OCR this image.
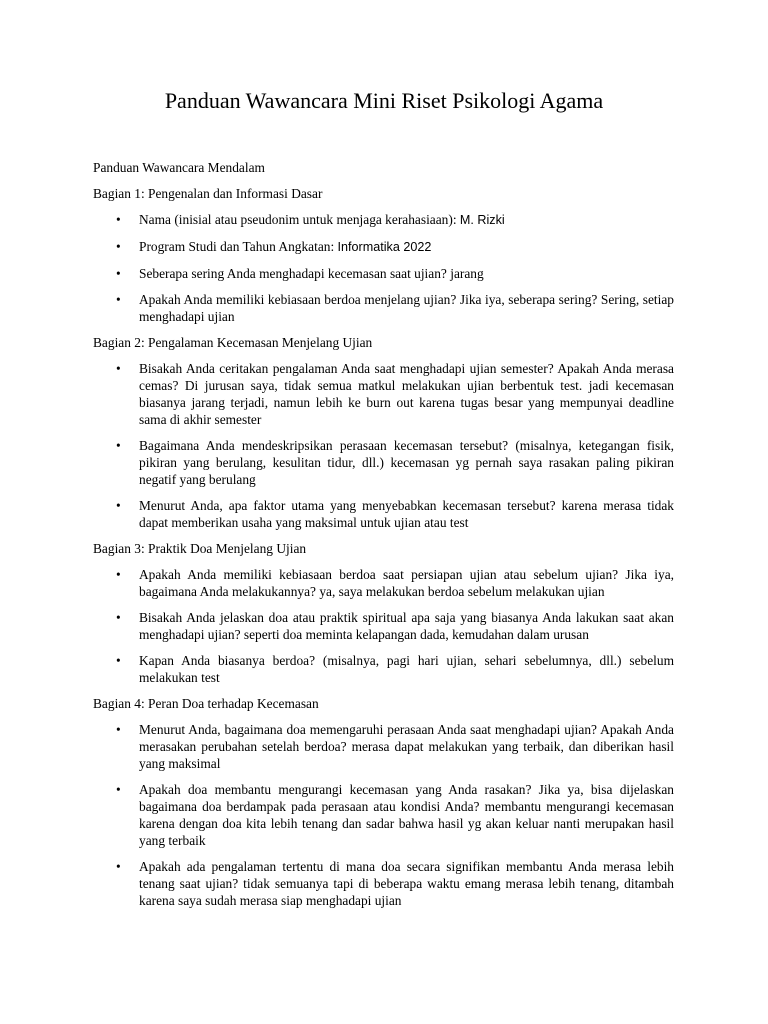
Panduan Wawancara Mini Riset Psikologi Agama

Panduan Wawancara Mendalam

Bagian 1: Pengenalan dan Informasi Dasar

•	Nama (inisial atau pseudonim untuk menjaga kerahasiaan): M. Rizki
•	Program Studi dan Tahun Angkatan: Informatika 2022
•	Seberapa sering Anda menghadapi kecemasan saat ujian? jarang
•	Apakah Anda memiliki kebiasaan berdoa menjelang ujian? Jika iya, seberapa sering? Sering, setiap menghadapi ujian

Bagian 2: Pengalaman Kecemasan Menjelang Ujian

•	Bisakah Anda ceritakan pengalaman Anda saat menghadapi ujian semester? Apakah Anda merasa cemas? Di jurusan saya, tidak semua matkul melakukan ujian berbentuk test. jadi kecemasan biasanya jarang terjadi, namun lebih ke burn out karena tugas besar yang mempunyai deadline sama di akhir semester
•	Bagaimana Anda mendeskripsikan perasaan kecemasan tersebut? (misalnya, ketegangan fisik, pikiran yang berulang, kesulitan tidur, dll.) kecemasan yg pernah saya rasakan paling pikiran negatif yang berulang
•	Menurut Anda, apa faktor utama yang menyebabkan kecemasan tersebut? karena merasa tidak dapat memberikan usaha yang maksimal untuk ujian atau test

Bagian 3: Praktik Doa Menjelang Ujian

•	Apakah Anda memiliki kebiasaan berdoa saat persiapan ujian atau sebelum ujian? Jika iya, bagaimana Anda melakukannya? ya, saya melakukan berdoa sebelum melakukan ujian
•	Bisakah Anda jelaskan doa atau praktik spiritual apa saja yang biasanya Anda lakukan saat akan menghadapi ujian? seperti doa meminta kelapangan dada, kemudahan dalam urusan
•	Kapan Anda biasanya berdoa? (misalnya, pagi hari ujian, sehari sebelumnya, dll.) sebelum melakukan test

Bagian 4: Peran Doa terhadap Kecemasan

•	Menurut Anda, bagaimana doa memengaruhi perasaan Anda saat menghadapi ujian? Apakah Anda merasakan perubahan setelah berdoa? merasa dapat melakukan yang terbaik, dan diberikan hasil yang maksimal
•	Apakah doa membantu mengurangi kecemasan yang Anda rasakan? Jika ya, bisa dijelaskan bagaimana doa berdampak pada perasaan atau kondisi Anda? membantu mengurangi kecemasan karena dengan doa kita lebih tenang dan sadar bahwa hasil yg akan keluar nanti merupakan hasil yang terbaik
•	Apakah ada pengalaman tertentu di mana doa secara signifikan membantu Anda merasa lebih tenang saat ujian? tidak semuanya tapi di beberapa waktu emang merasa lebih tenang, ditambah karena saya sudah merasa siap menghadapi ujian
